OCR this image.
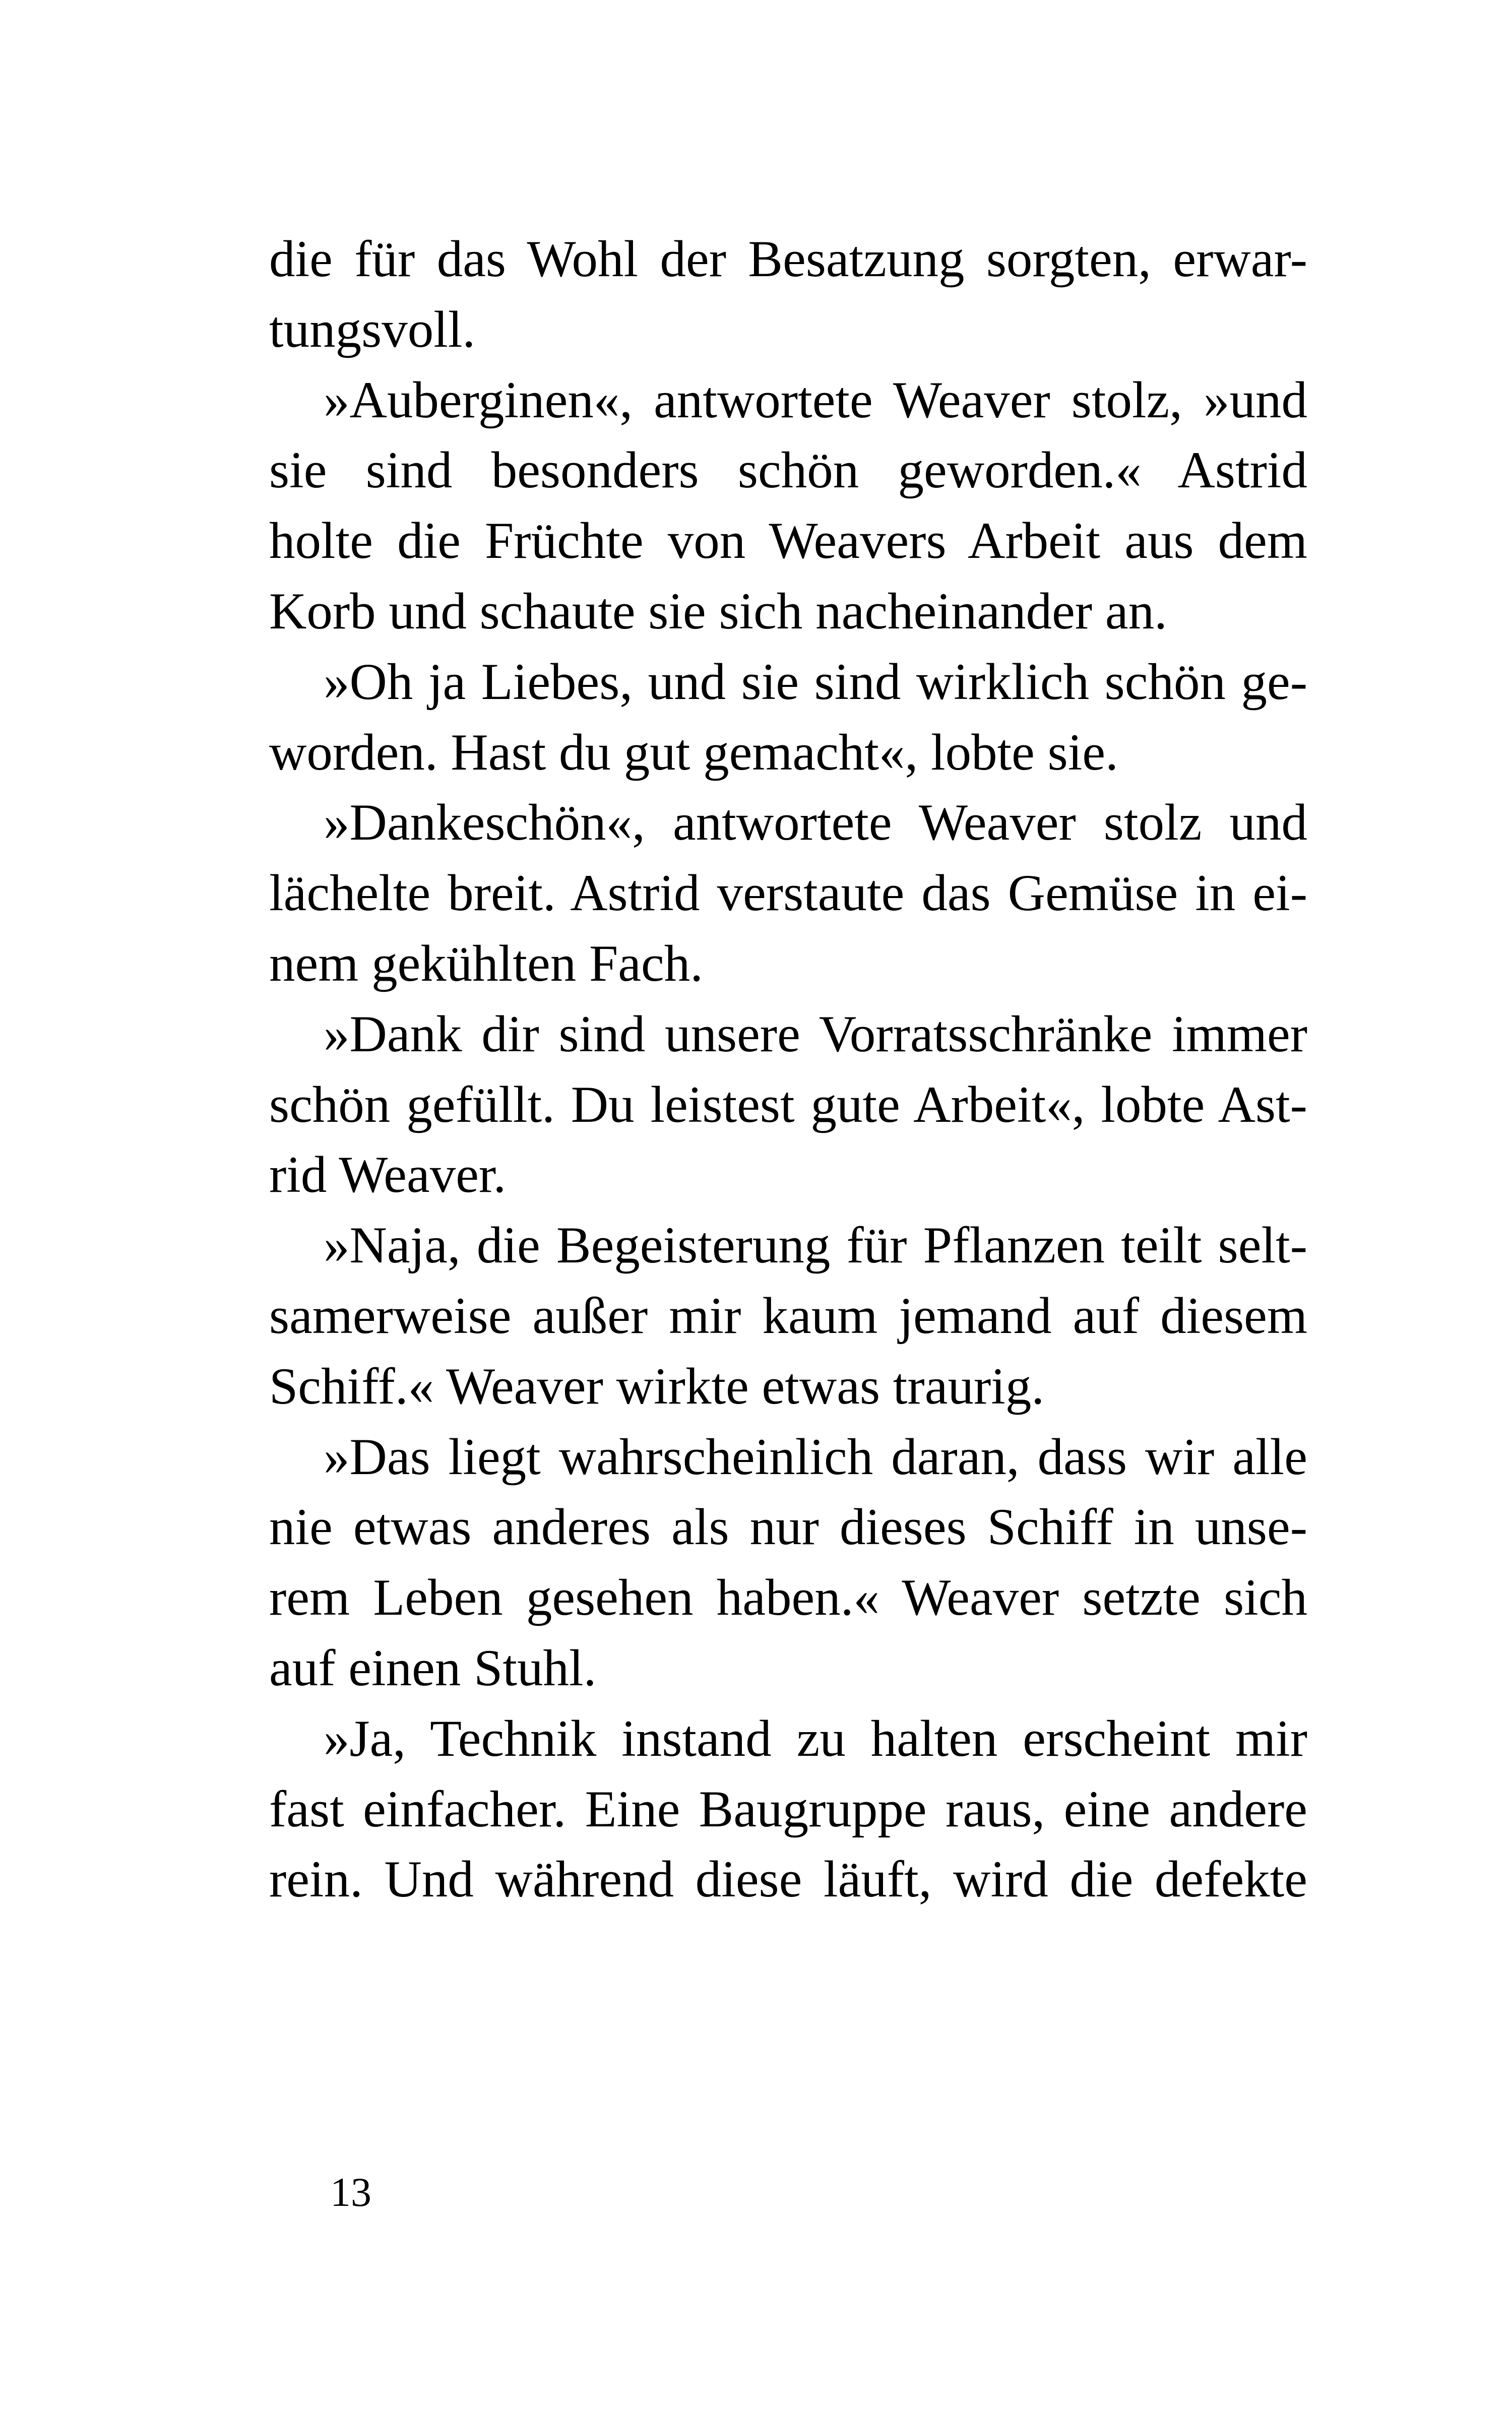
die für das Wohl der Besatzung sorgten, erwar-
tungsvoll.
»Auberginen«, antwortete Weaver stolz, »und
sie sind besonders schön geworden.« Astrid
holte die Früchte von Weavers Arbeit aus dem
Korb und schaute sie sich nacheinander an.
»Oh ja Liebes, und sie sind wirklich schön ge-
worden. Hast du gut gemacht«, lobte sie.
»Dankeschön«, antwortete Weaver stolz und
lächelte breit. Astrid verstaute das Gemüse in ei-
nem gekühlten Fach.
»Dank dir sind unsere Vorratsschränke immer
schön gefüllt. Du leistest gute Arbeit«, lobte Ast-
rid Weaver.
»Naja, die Begeisterung für Pflanzen teilt selt-
samerweise außer mir kaum jemand auf diesem
Schiff.« Weaver wirkte etwas traurig.
»Das liegt wahrscheinlich daran, dass wir alle
nie etwas anderes als nur dieses Schiff in unse-
rem Leben gesehen haben.« Weaver setzte sich
auf einen Stuhl.
»Ja, Technik instand zu halten erscheint mir
fast einfacher. Eine Baugruppe raus, eine andere
rein. Und während diese läuft, wird die defekte
13
